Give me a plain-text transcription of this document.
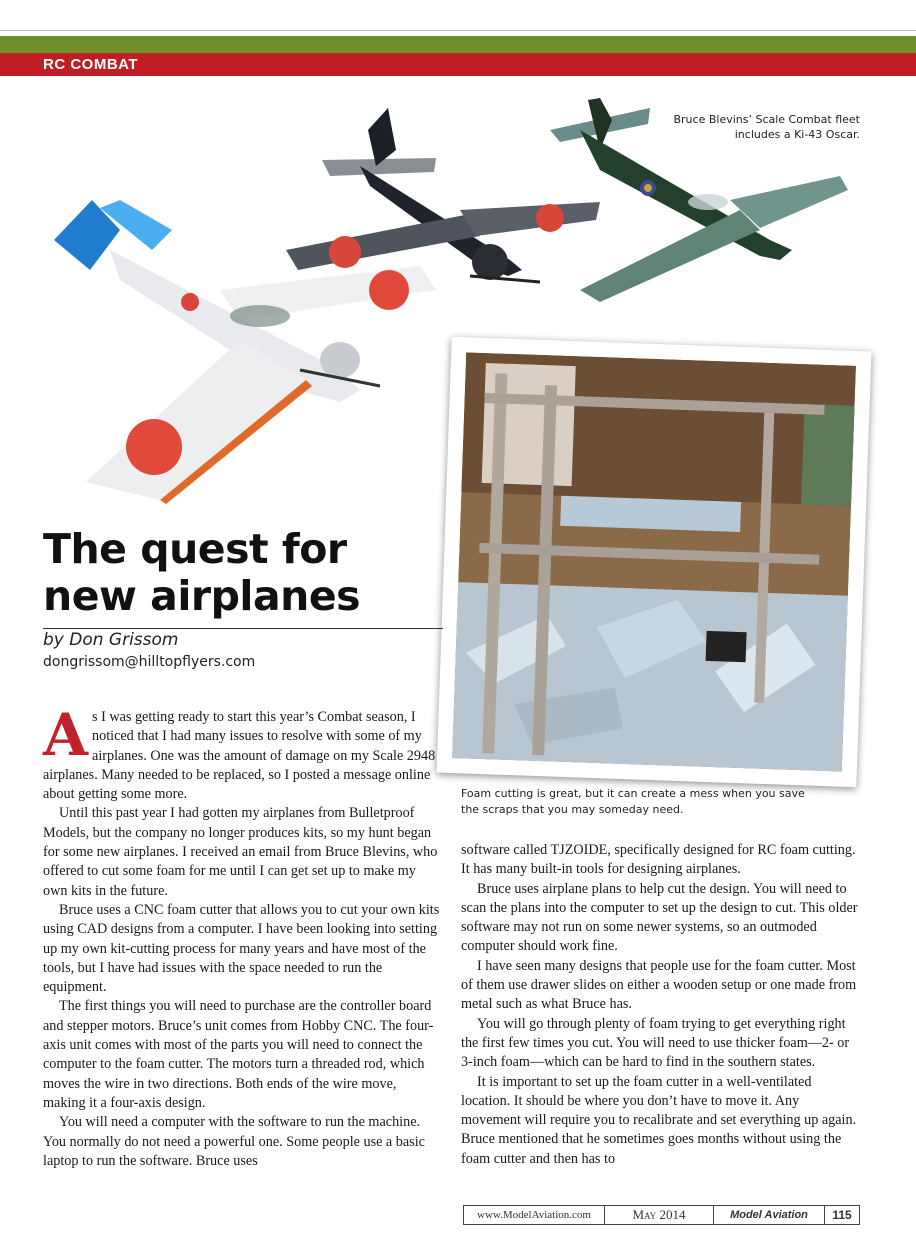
RC COMBAT
Bruce Blevins’ Scale Combat fleet includes a Ki-43 Oscar.
Foam cutting is great, but it can create a mess when you save the scraps that you may someday need.
The quest for new airplanes
by Don Grissom
dongrissom@hilltopflyers.com

As I was getting ready to start this year’s Combat season, I noticed that I had many issues to resolve with some of my airplanes. One was the amount of damage on my Scale 2948 airplanes. Many needed to be replaced, so I posted a message online about getting some more.

Until this past year I had gotten my airplanes from Bulletproof Models, but the company no longer produces kits, so my hunt began for some new airplanes. I received an email from Bruce Blevins, who offered to cut some foam for me until I can get set up to make my own kits in the future.

Bruce uses a CNC foam cutter that allows you to cut your own kits using CAD designs from a computer. I have been looking into setting up my own kit-cutting process for many years and have most of the tools, but I have had issues with the space needed to run the equipment.

The first things you will need to purchase are the controller board and stepper motors. Bruce’s unit comes from Hobby CNC. The four-axis unit comes with most of the parts you will need to connect the computer to the foam cutter. The motors turn a threaded rod, which moves the wire in two directions. Both ends of the wire move, making it a four-axis design.

You will need a computer with the software to run the machine. You normally do not need a powerful one. Some people use a basic laptop to run the software. Bruce uses

software called TJZOIDE, specifically designed for RC foam cutting. It has many built-in tools for designing airplanes.

Bruce uses airplane plans to help cut the design. You will need to scan the plans into the computer to set up the design to cut. This older software may not run on some newer systems, so an outmoded computer should work fine.

I have seen many designs that people use for the foam cutter. Most of them use drawer slides on either a wooden setup or one made from metal such as what Bruce has.

You will go through plenty of foam trying to get everything right the first few times you cut. You will need to use thicker foam—2- or 3-inch foam—which can be hard to find in the southern states.

It is important to set up the foam cutter in a well-ventilated location. It should be where you don’t have to move it. Any movement will require you to recalibrate and set everything up again. Bruce mentioned that he sometimes goes months without using the foam cutter and then has to

www.ModelAviation.com	May 2014	Model Aviation	115
